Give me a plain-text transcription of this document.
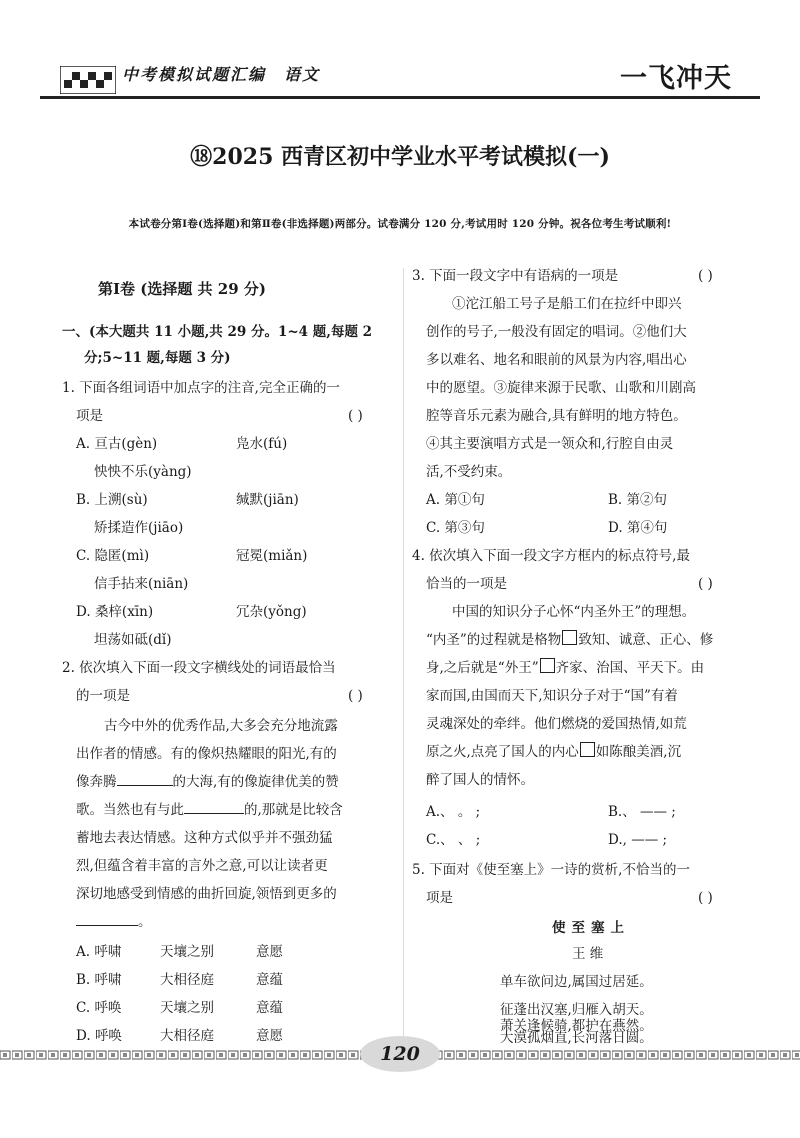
中考模拟试题汇编 语文	一飞冲天
⑱2025 西青区初中学业水平考试模拟(一)
本试卷分第Ⅰ卷(选择题)和第Ⅱ卷(非选择题)两部分。试卷满分 120 分,考试用时 120 分钟。祝各位考生考试顺利!
第Ⅰ卷 (选择题 共 29 分)
一、(本大题共 11 小题,共 29 分。1~4 题,每题 2
分;5~11 题,每题 3 分)
1. 下面各组词语中加点字的注音,完全正确的一
项是	( )
A. 亘古(gèn)	凫水(fú)
怏怏不乐(yàng)
B. 上溯(sù)	缄默(jiān)
矫揉造作(jiāo)
C. 隐匿(mì)	冠冕(miǎn)
信手拈来(niān)
D. 桑梓(xīn)	冗杂(yǒng)
坦荡如砥(dǐ)
2. 依次填入下面一段文字横线处的词语最恰当
的一项是	( )
古今中外的优秀作品,大多会充分地流露
出作者的情感。有的像炽热耀眼的阳光,有的
像奔腾	的大海,有的像旋律优美的赞
歌。当然也有与此	的,那就是比较含
蓄地去表达情感。这种方式似乎并不强劲猛
烈,但蕴含着丰富的言外之意,可以让读者更
深切地感受到情感的曲折回旋,领悟到更多的
。
A. 呼啸	天壤之别	意愿
B. 呼啸	大相径庭	意蕴
C. 呼唤	天壤之别	意蕴
D. 呼唤	大相径庭	意愿
3. 下面一段文字中有语病的一项是	( )
①沱江船工号子是船工们在拉纤中即兴
创作的号子,一般没有固定的唱词。②他们大
多以难名、地名和眼前的风景为内容,唱出心
中的愿望。③旋律来源于民歌、山歌和川剧高
腔等音乐元素为融合,具有鲜明的地方特色。
④其主要演唱方式是一领众和,行腔自由灵
活,不受约束。
A. 第①句	B. 第②句
C. 第③句	D. 第④句
4. 依次填入下面一段文字方框内的标点符号,最
恰当的一项是	( )
中国的知识分子心怀“内圣外王”的理想。
“内圣”的过程就是格物 致知、诚意、正心、修
身,之后就是“外王” 齐家、治国、平天下。由
家而国,由国而天下,知识分子对于“国”有着
灵魂深处的牵绊。他们燃烧的爱国热情,如荒
原之火,点亮了国人的内心 如陈酿美酒,沉
醉了国人的情怀。
A.、 。 ;	B.、 —— ;
C.、 、 ;	D., —— ;
5. 下面对《使至塞上》一诗的赏析,不恰当的一
项是	( )
使至塞上
王 维
单车欲问边,属国过居延。
征蓬出汉塞,归雁入胡天。
大漠孤烟直,长河落日圆。
萧关逢候骑,都护在燕然。
120
